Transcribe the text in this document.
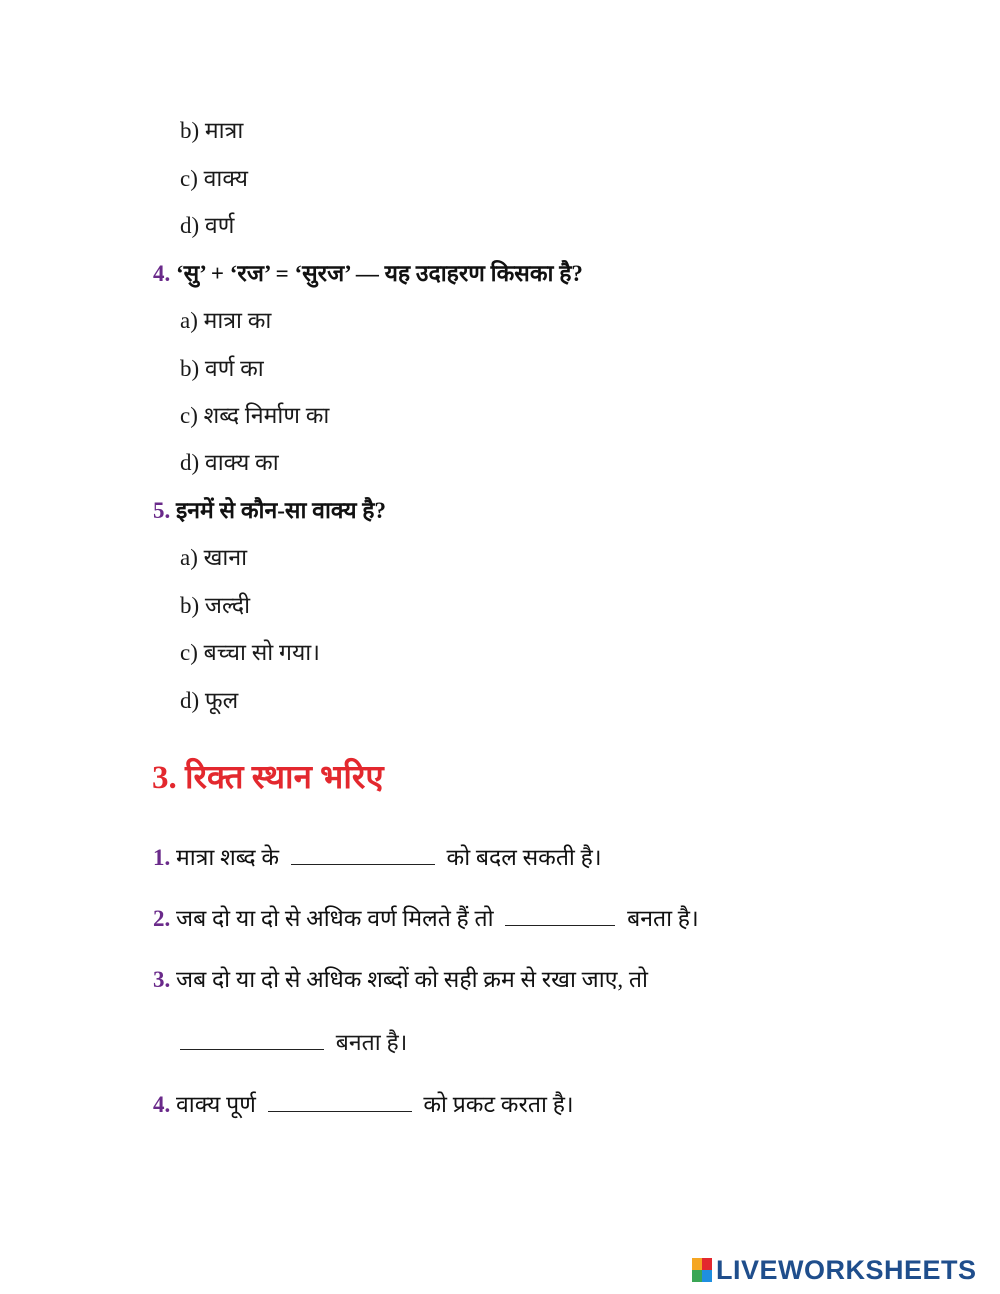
b) मात्रा
c) वाक्य
d) वर्ण
4. ‘सु’ + ‘रज’ = ‘सुरज’ — यह उदाहरण किसका है?
a) मात्रा का
b) वर्ण का
c) शब्द निर्माण का
d) वाक्य का
5. इनमें से कौन-सा वाक्य है?
a) खाना
b) जल्दी
c) बच्चा सो गया।
d) फूल
3. रिक्त स्थान भरिए
1. मात्रा शब्द के	को बदल सकती है।
2. जब दो या दो से अधिक वर्ण मिलते हैं तो	बनता है।
3. जब दो या दो से अधिक शब्दों को सही क्रम से रखा जाए, तो
बनता है।
4. वाक्य पूर्ण	को प्रकट करता है।
LIVEWORKSHEETS
